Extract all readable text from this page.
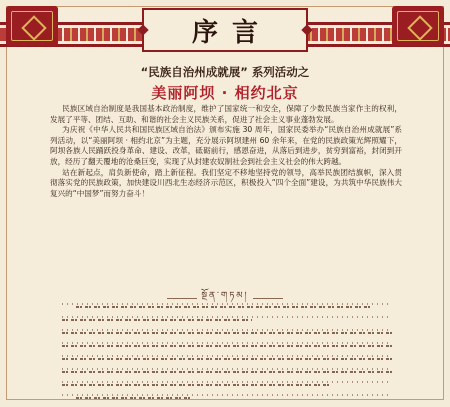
序言
“民族自治州成就展” 系列活动之
美丽阿坝 · 相约北京

民族区域自治制度是我国基本政治制度，维护了国家统一和安全，保障了少数民族当家作主的权利，发展了平等、团结、互助、和谐的社会主义民族关系，促进了社会主义事业蓬勃发展。

为庆祝《中华人民共和国民族区域自治法》颁布实施 30 周年，国家民委举办“民族自治州成就展”系列活动，以“美丽阿坝 · 相约北京”为主题，充分展示阿坝建州 60 余年来，在党的民族政策光辉照耀下，阿坝各族人民踊跃投身革命、建设、改革，砥砺前行，感恩奋进，从落后到进步，贫穷到富裕，封闭到开放，经历了翻天覆地的沧桑巨变，实现了从封建农奴制社会到社会主义社会的伟大跨越。

站在新起点，肩负新使命，踏上新征程。我们坚定不移地坚持党的领导，高举民族团结旗帜，深入贯彻落实党的民族政策，加快建设川西北生态经济示范区，积极投入“四个全面”建设，为共筑中华民族伟大复兴的“中国梦”而努力奋斗！

སྔོན་གཏམ།
